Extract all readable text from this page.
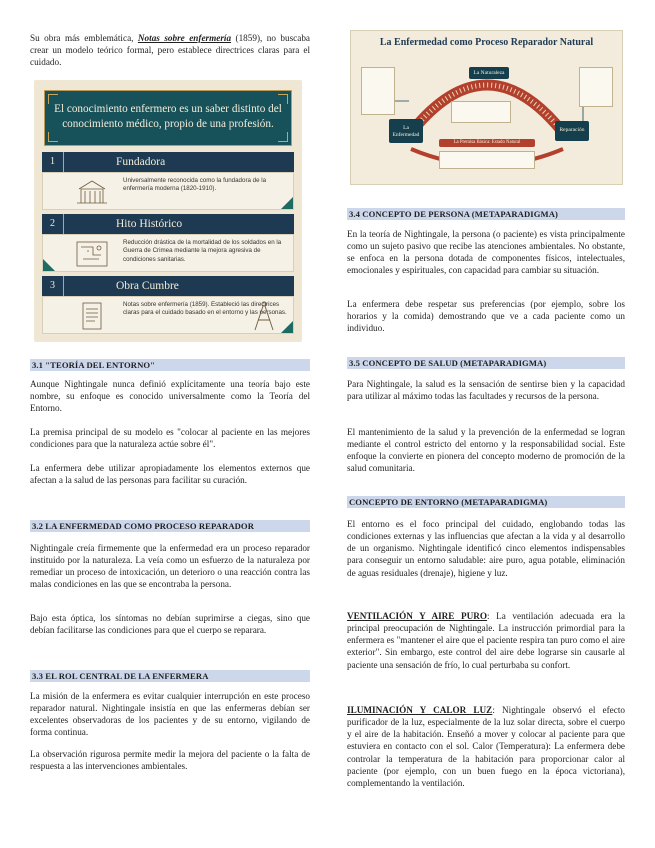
Su obra más emblemática, Notas sobre enfermería (1859), no buscaba crear un modelo teórico formal, pero establece directrices claras para el cuidado.

El conocimiento enfermero es un saber distinto del conocimiento médico, propio de una profesión.
1	Fundadora
Universalmente reconocida como la fundadora de la enfermería moderna (1820-1910).
2	Hito Histórico
Reducción drástica de la mortalidad de los soldados en la Guerra de Crimea mediante la mejora agresiva de condiciones sanitarias.
3	Obra Cumbre
Notas sobre enfermería (1859). Estableció las directrices claras para el cuidado basado en el entorno y las personas.
3.1 "TEORÍA DEL ENTORNO"

Aunque Nightingale nunca definió explícitamente una teoría bajo este nombre, su enfoque es conocido universalmente como la Teoría del Entorno.

La premisa principal de su modelo es "colocar al paciente en las mejores condiciones para que la naturaleza actúe sobre él".

La enfermera debe utilizar apropiadamente los elementos externos que afectan a la salud de las personas para facilitar su curación.

3.2 LA ENFERMEDAD COMO PROCESO REPARADOR

Nightingale creía firmemente que la enfermedad era un proceso reparador instituido por la naturaleza. La veía como un esfuerzo de la naturaleza por remediar un proceso de intoxicación, un deterioro o una reacción contra las malas condiciones en las que se encontraba la persona.

Bajo esta óptica, los síntomas no debían suprimirse a ciegas, sino que debían facilitarse las condiciones para que el cuerpo se reparara.

3.3 EL ROL CENTRAL DE LA ENFERMERA

La misión de la enfermera es evitar cualquier interrupción en este proceso reparador natural. Nightingale insistía en que las enfermeras debían ser excelentes observadoras de los pacientes y de su entorno, vigilando de forma continua.

La observación rigurosa permite medir la mejora del paciente o la falta de respuesta a las intervenciones ambientales.

La Enfermedad como Proceso Reparador Natural
La Naturaleza
La Enfermedad
Reparación
La Premisa Básica: Estado Natural
3.4 CONCEPTO DE PERSONA (METAPARADIGMA)

En la teoría de Nightingale, la persona (o paciente) es vista principalmente como un sujeto pasivo que recibe las atenciones ambientales. No obstante, se enfoca en la persona dotada de componentes físicos, intelectuales, emocionales y espirituales, con capacidad para cambiar su situación.

La enfermera debe respetar sus preferencias (por ejemplo, sobre los horarios y la comida) demostrando que ve a cada paciente como un individuo.

3.5 CONCEPTO DE SALUD (METAPARADIGMA)

Para Nightingale, la salud es la sensación de sentirse bien y la capacidad para utilizar al máximo todas las facultades y recursos de la persona.

El mantenimiento de la salud y la prevención de la enfermedad se logran mediante el control estricto del entorno y la responsabilidad social. Este enfoque la convierte en pionera del concepto moderno de promoción de la salud comunitaria.

CONCEPTO DE ENTORNO (METAPARADIGMA)

El entorno es el foco principal del cuidado, englobando todas las condiciones externas y las influencias que afectan a la vida y al desarrollo de un organismo. Nightingale identificó cinco elementos indispensables para conseguir un entorno saludable: aire puro, agua potable, eliminación de aguas residuales (drenaje), higiene y luz.

VENTILACIÓN Y AIRE PURO: La ventilación adecuada era la principal preocupación de Nightingale. La instrucción primordial para la enfermera es "mantener el aire que el paciente respira tan puro como el aire exterior". Sin embargo, este control del aire debe lograrse sin causarle al paciente una sensación de frío, lo cual perturbaba su confort.

ILUMINACIÓN Y CALOR LUZ: Nightingale observó el efecto purificador de la luz, especialmente de la luz solar directa, sobre el cuerpo y el aire de la habitación. Enseñó a mover y colocar al paciente para que estuviera en contacto con el sol. Calor (Temperatura): La enfermera debe controlar la temperatura de la habitación para proporcionar calor al paciente (por ejemplo, con un buen fuego en la época victoriana), complementando la ventilación.
